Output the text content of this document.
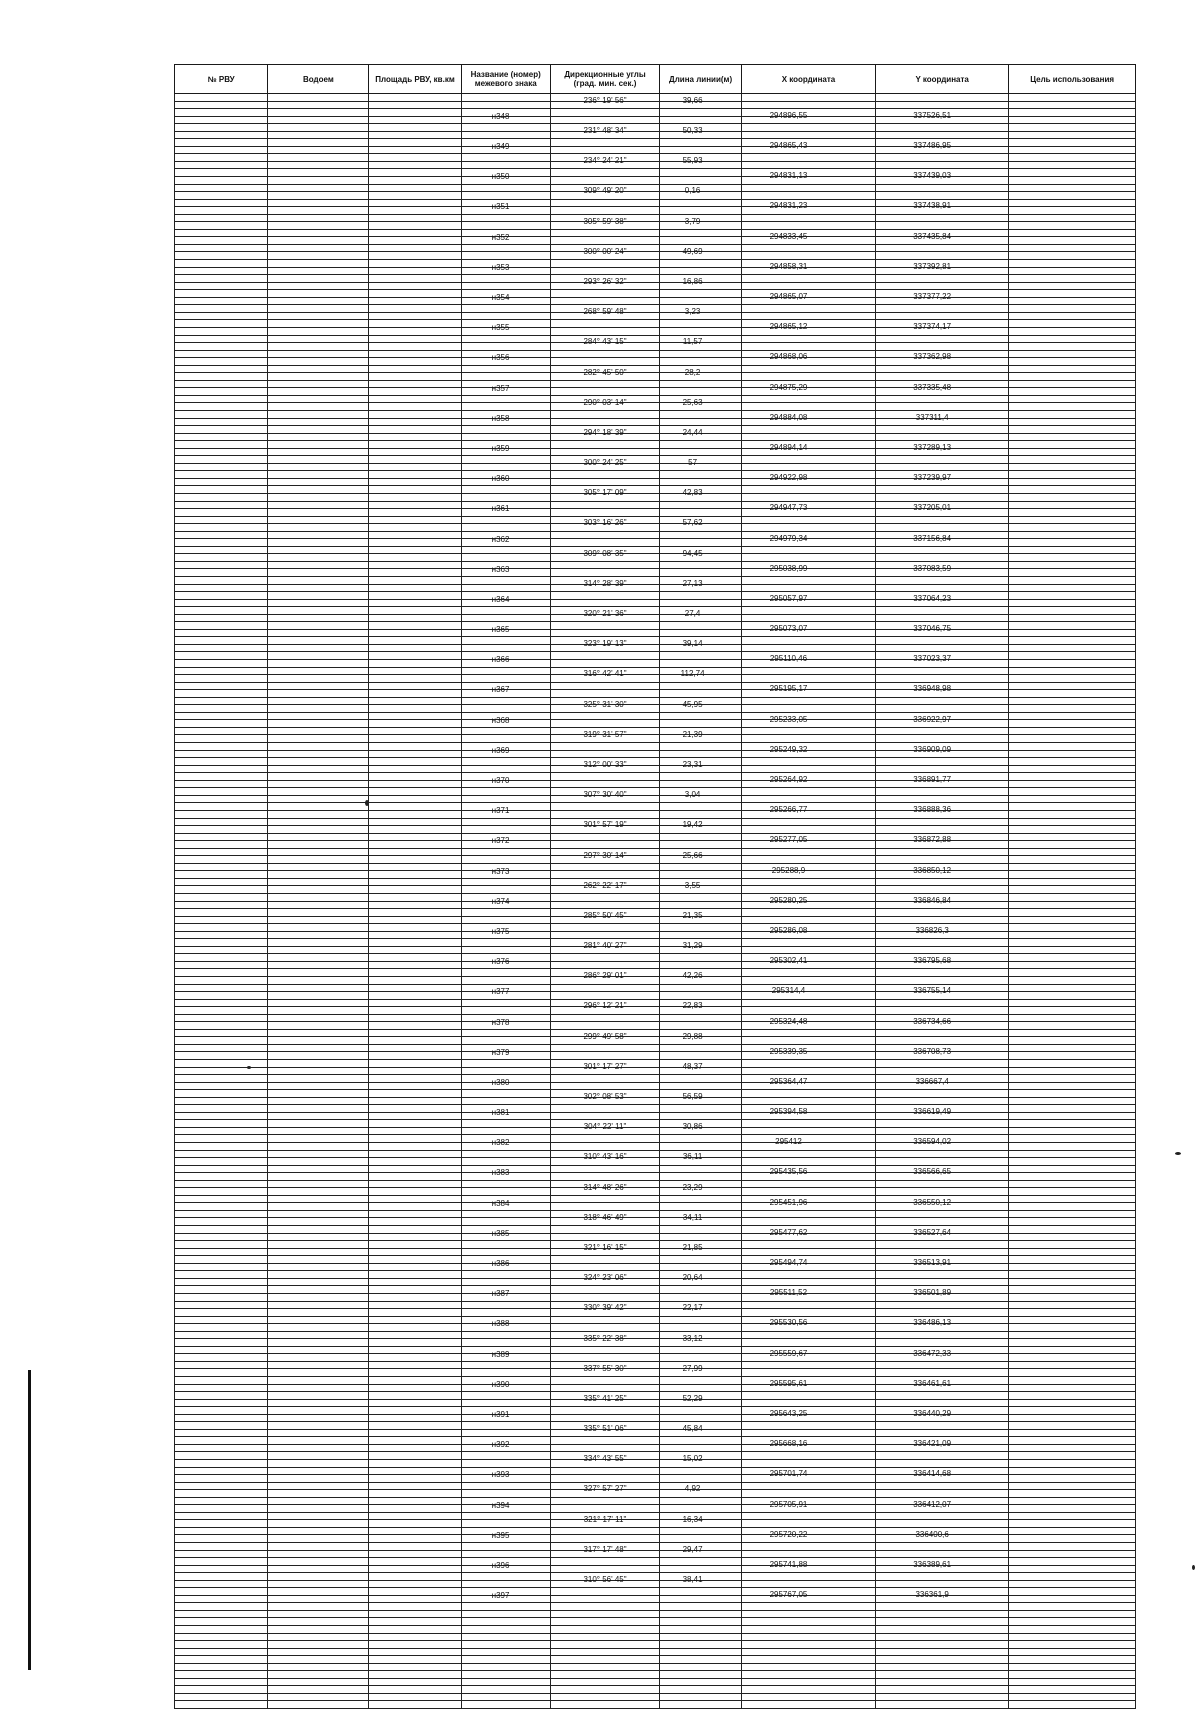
№ РВУ	Водоем	Площадь РВУ, кв.км	Название (номер) межевого знака	Дирекционные углы (град. мин. сек.)	Длина линии(м)	X координата	Y координата	Цель использования

				236° 19' 56"	39,66			

			н348			294896,55	337526,51	

				231° 48' 34"	50,33			

			н349			294865,43	337486,95	

				234° 24' 21"	55,93			

			н350			294831,13	337439,03	

				309° 49' 20"	0,16			

			н351			294831,23	337438,91	

				305° 59' 38"	3,79			

			н352			294833,45	337435,84	

				300° 00' 24"	49,69			

			н353			294858,31	337392,81	

				293° 26' 32"	16,86			

			н354			294865,07	337377,22	

				268° 59' 48"	3,23			

			н355			294865,12	337374,17	

				284° 43' 15"	11,57			

			н356			294868,06	337362,98	

				282° 45' 50"	28,2			

			н357			294875,29	337335,48	

				290° 03' 14"	25,63			

			н358			294884,08	337311,4	

				294° 18' 39"	24,44			

			н359			294894,14	337289,13	

				300° 24' 25"	57			

			н360			294922,98	337239,97	

				305° 17' 09"	42,83			

			н361			294947,73	337205,01	

				303° 16' 26"	57,62			

			н362			294979,34	337156,84	

				309° 08' 35"	94,45			

			н363			295038,99	337083,59	

				314° 28' 39"	27,13			

			н364			295057,97	337064,23	

				320° 21' 36"	27,4			

			н365			295073,07	337046,75	

				323° 19' 13"	39,14			

			н366			295110,46	337023,37	

				316° 42' 41"	112,74			

			н367			295195,17	336948,98	

				325° 31' 30"	45,95			

			н368			295233,05	336922,97	

				319° 31' 57"	21,39			

			н369			295249,32	336909,09	

				312° 00' 33"	23,31			

			н370			295264,92	336891,77	

				307° 30' 40"	3,04			

			н371			295266,77	336888,36	

				301° 57' 19"	19,42			

			н372			295277,05	336872,88	

				297° 30' 14"	25,66			

			н373			295288,9	336850,12	

				262° 22' 17"	3,55			

			н374			295280,25	336846,84	

				285° 50' 45"	21,35			

			н375			295286,08	336826,3	

				281° 40' 27"	31,29			

			н376			295302,41	336795,68	

				286° 29' 01"	42,26			

			н377			295314,4	336755,14	

				296° 12' 21"	22,83			

			н378			295324,48	336734,66	

				299° 49' 58"	29,88			

			н379			295339,35	336708,73	

				301° 17' 27"	48,37			

			н380			295364,47	336667,4	

				302° 08' 53"	56,59			

			н381			295394,58	336619,49	

				304° 22' 11"	30,86			

			н382			295412	336594,02	

				310° 43' 16"	36,11			

			н383			295435,56	336566,65	

				314° 48' 26"	23,29			

			н384			295451,96	336550,12	

				318° 46' 49"	34,11			

			н385			295477,62	336527,64	

				321° 16' 15"	21,85			

			н386			295494,74	336513,91	

				324° 23' 06"	20,64			

			н387			295511,52	336501,89	

				330° 39' 42"	22,17			

			н388			295530,56	336486,13	

				335° 22' 38"	33,12			

			н389			295559,67	336472,33	

				337° 55' 30"	27,99			

			н390			295595,61	336461,61	

				335° 41' 25"	52,29			

			н391			295643,25	336440,29	

				335° 51' 06"	45,84			

			н392			295668,16	336421,09	

				334° 43' 55"	15,02			

			н393			295701,74	336414,68	

				327° 57' 27"	4,92			

			н394			295705,91	336412,07	

				321° 17' 11"	16,34			

			н395			295720,22	336400,6	

				317° 17' 48"	29,47			

			н396			295741,88	336389,61	

				310° 56' 45"	38,41			

			н397			295767,05	336361,9	
